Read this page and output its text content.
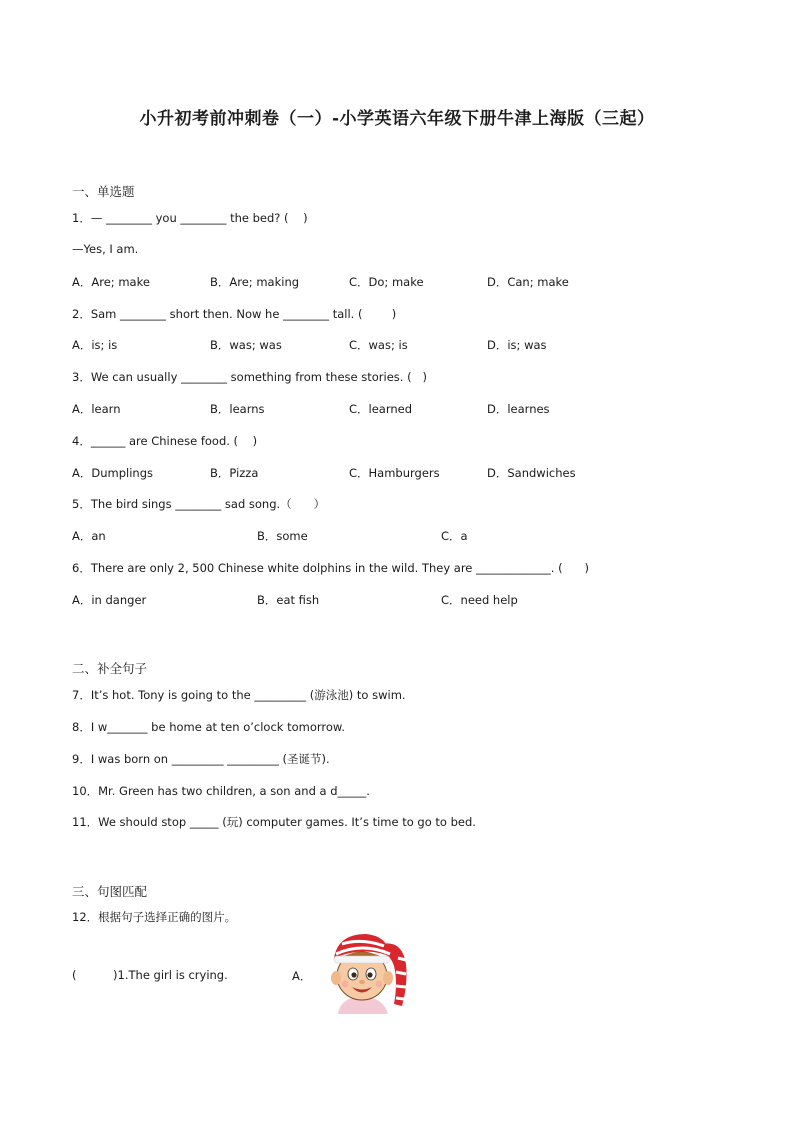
小升初考前冲刺卷（一）-小学英语六年级下册牛津上海版（三起）
一、单选题
1．— ________ you ________ the bed? (    )
—Yes, I am.
A．Are; make	B．Are; making	C．Do; make	D．Can; make
2．Sam ________ short then. Now he ________ tall. (        )
A．is; is	B．was; was	C．was; is	D．is; was
3．We can usually ________ something from these stories. (   )
A．learn	B．learns	C．learned	D．learnes
4．______ are Chinese food. (    )
A．Dumplings	B．Pizza	C．Hamburgers	D．Sandwiches
5．The bird sings ________ sad song.（      ）
A．an	B．some	C．a
6．There are only 2, 500 Chinese white dolphins in the wild. They are _____________. (      )
A．in danger	B．eat fish	C．need help
二、补全句子
7．It’s hot. Tony is going to the _________ (游泳池) to swim.
8．I w_______ be home at ten o’clock tomorrow.
9．I was born on _________ _________ (圣诞节).
10．Mr. Green has two children, a son and a d_____.
11．We should stop _____ (玩) computer games. It’s time to go to bed.
三、句图匹配
12．根据句子选择正确的图片。
(          )1.The girl is crying.	A．
